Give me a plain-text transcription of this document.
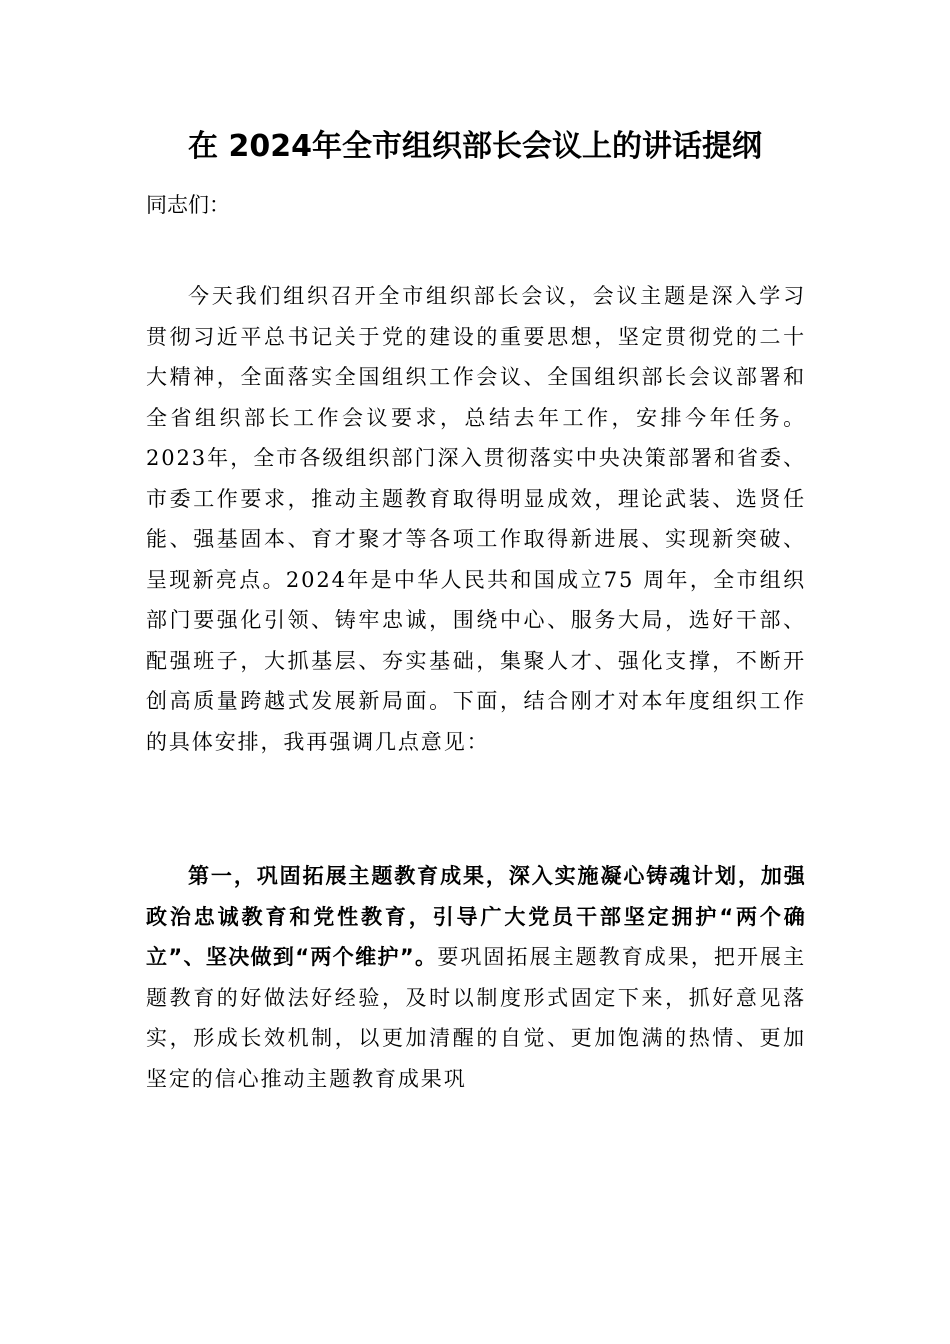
在 2024年全市组织部长会议上的讲话提纲

同志们：

今天我们组织召开全市组织部长会议，会议主题是深入学习贯彻习近平总书记关于党的建设的重要思想，坚定贯彻党的二十大精神，全面落实全国组织工作会议、全国组织部长会议部署和全省组织部长工作会议要求，总结去年工作，安排今年任务。2023年，全市各级组织部门深入贯彻落实中央决策部署和省委、市委工作要求，推动主题教育取得明显成效，理论武装、选贤任能、强基固本、育才聚才等各项工作取得新进展、实现新突破、呈现新亮点。2024年是中华人民共和国成立75 周年，全市组织部门要强化引领、铸牢忠诚，围绕中心、服务大局，选好干部、配强班子，大抓基层、夯实基础，集聚人才、强化支撑，不断开创高质量跨越式发展新局面。下面，结合刚才对本年度组织工作的具体安排，我再强调几点意见：

第一，巩固拓展主题教育成果，深入实施凝心铸魂计划，加强政治忠诚教育和党性教育，引导广大党员干部坚定拥护“两个确立”、坚决做到“两个维护”。要巩固拓展主题教育成果，把开展主题教育的好做法好经验，及时以制度形式固定下来，抓好意见落实，形成长效机制，以更加清醒的自觉、更加饱满的热情、更加坚定的信心推动主题教育成果巩
